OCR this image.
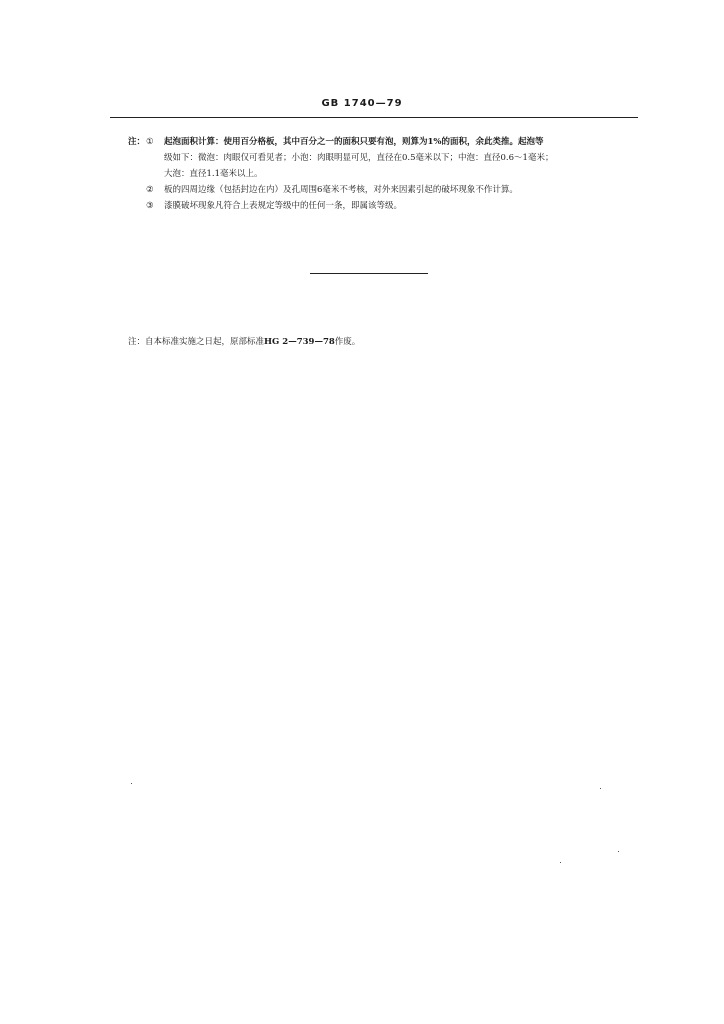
GB 1740—79
注： ①	起泡面积计算：使用百分格板，其中百分之一的面积只要有泡，则算为1%的面积，余此类推。起泡等
级如下：微泡：肉眼仅可看见者；小泡：肉眼明显可见，直径在0.5毫米以下；中泡：直径0.6～1毫米；
大泡：直径1.1毫米以上。
②	板的四周边缘（包括封边在内）及孔周围6毫米不考核，对外来因素引起的破坏现象不作计算。
③	漆膜破坏现象凡符合上表规定等级中的任何一条，即属该等级。
注：自本标准实施之日起，原部标准HG 2—739—78作废。
